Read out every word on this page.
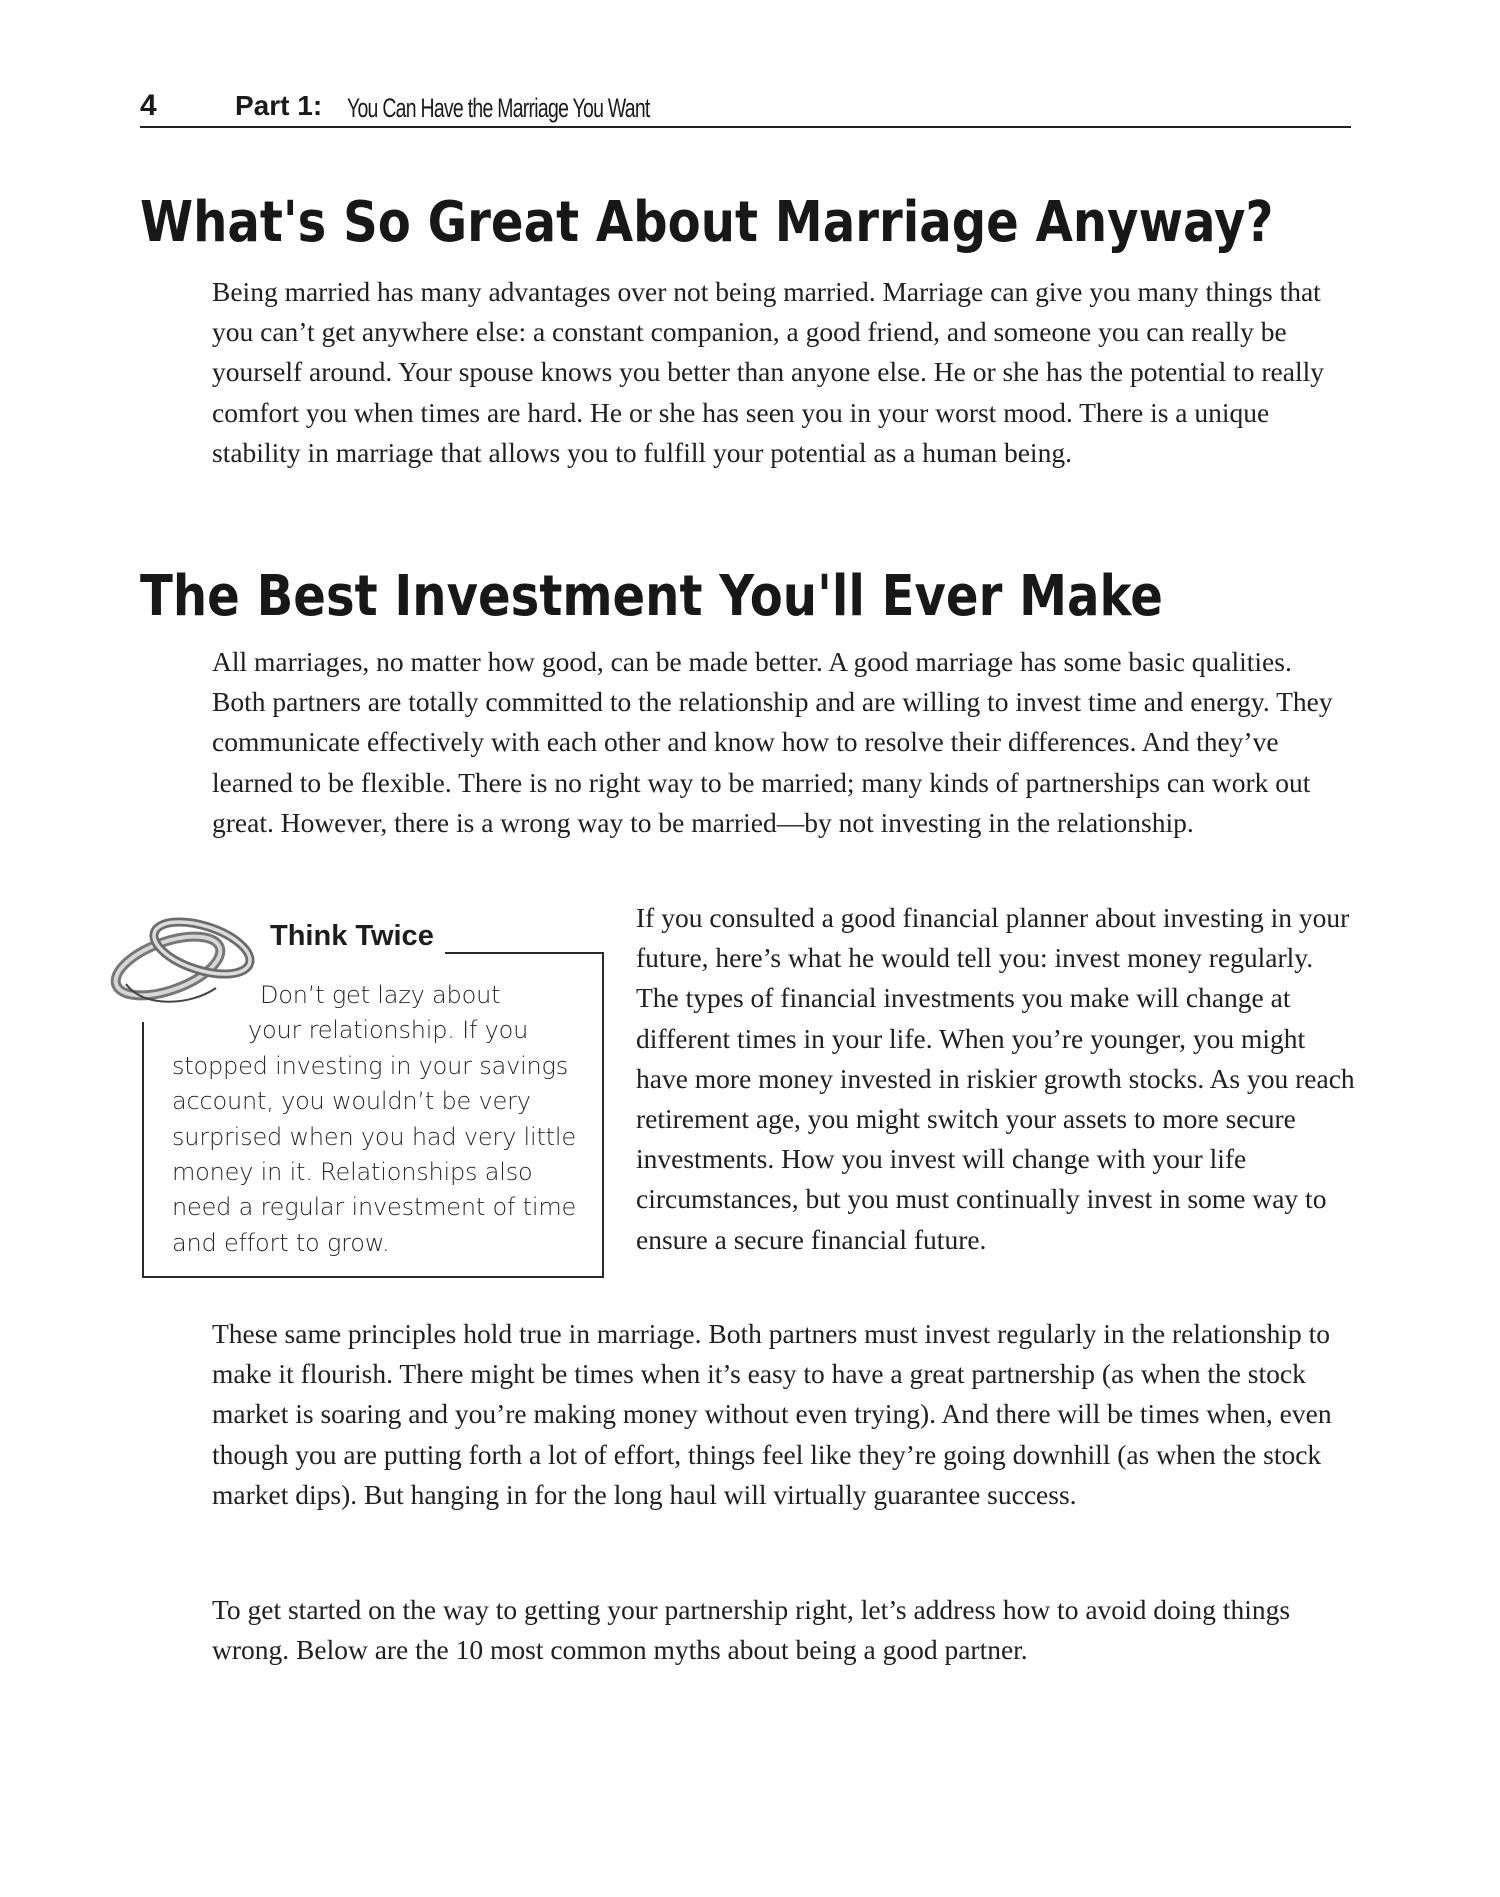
4	Part 1: You Can Have the Marriage You Want
What's So Great About Marriage Anyway?

Being married has many advantages over not being married. Marriage can give you many things that you can’t get anywhere else: a constant companion, a good friend, and someone you can really be yourself around. Your spouse knows you better than anyone else. He or she has the potential to really comfort you when times are hard. He or she has seen you in your worst mood. There is a unique stability in marriage that allows you to fulfill your potential as a human being.

The Best Investment You'll Ever Make

All marriages, no matter how good, can be made better. A good marriage has some basic qualities. Both partners are totally committed to the relationship and are willing to invest time and energy. They communicate effectively with each other and know how to resolve their differences. And they’ve learned to be flexible. There is no right way to be married; many kinds of partnerships can work out great. However, there is a wrong way to be married—by not investing in the relationship.

Think Twice

Don’t get lazy about
your relationship. If you
stopped investing in your savings
account, you wouldn’t be very
surprised when you had very little
money in it. Relationships also
need a regular investment of time
and effort to grow.

If you consulted a good financial planner about investing in your future, here’s what he would tell you: invest money regularly. The types of financial investments you make will change at different times in your life. When you’re younger, you might have more money invested in riskier growth stocks. As you reach retirement age, you might switch your assets to more secure investments. How you invest will change with your life circumstances, but you must continually invest in some way to ensure a secure financial future.

These same principles hold true in marriage. Both partners must invest regularly in the relationship to make it flourish. There might be times when it’s easy to have a great partnership (as when the stock market is soaring and you’re making money without even trying). And there will be times when, even though you are putting forth a lot of effort, things feel like they’re going downhill (as when the stock market dips). But hanging in for the long haul will virtually guarantee success.

To get started on the way to getting your partnership right, let’s address how to avoid doing things wrong. Below are the 10 most common myths about being a good partner.
